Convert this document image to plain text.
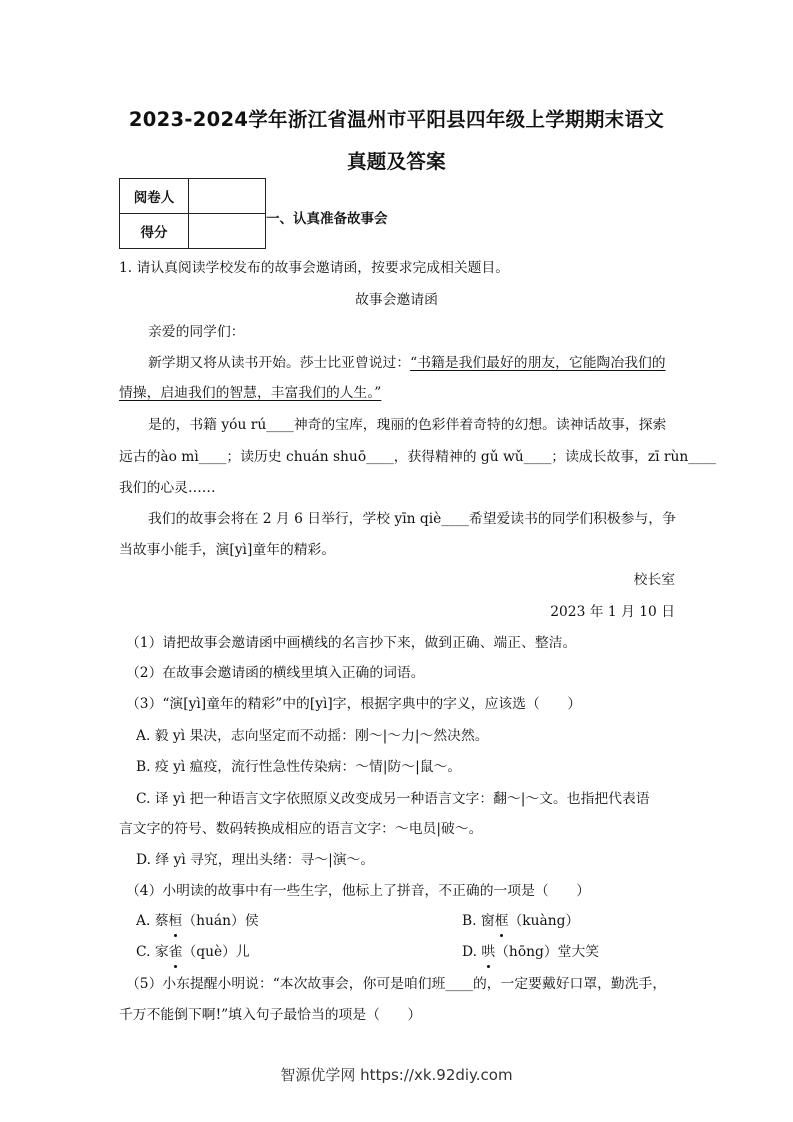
2023-2024学年浙江省温州市平阳县四年级上学期期末语文
真题及答案
阅卷人	
得分	
一、认真准备故事会
1. 请认真阅读学校发布的故事会邀请函，按要求完成相关题目。
故事会邀请函
亲爱的同学们：
新学期又将从读书开始。莎士比亚曾说过：“书籍是我们最好的朋友，它能陶冶我们的
情操，启迪我们的智慧，丰富我们的人生。”
是的，书籍 yóu rú____神奇的宝库，瑰丽的色彩伴着奇特的幻想。读神话故事，探索
远古的ào mì____；读历史 chuán shuō____，获得精神的 gǔ wǔ____；读成长故事，zī rùn____
我们的心灵……
我们的故事会将在 2 月 6 日举行，学校 yīn qiè____希望爱读书的同学们积极参与，争
当故事小能手，演[yì]童年的精彩。
校长室
2023 年 1 月 10 日
（1）请把故事会邀请函中画横线的名言抄下来，做到正确、端正、整洁。
（2）在故事会邀请函的横线里填入正确的词语。
（3）“演[yì]童年的精彩”中的[yì]字，根据字典中的字义，应该选（　　）
A. 毅 yì 果决，志向坚定而不动摇：刚～|～力|～然决然。
B. 疫 yì 瘟疫，流行性急性传染病：～情|防～|鼠～。
C. 译 yì 把一种语言文字依照原义改变成另一种语言文字：翻～|～文。也指把代表语
言文字的符号、数码转换成相应的语言文字：～电员|破～。
D. 绎 yì 寻究，理出头绪：寻～|演～。
（4）小明读的故事中有一些生字，他标上了拼音，不正确的一项是（　　）
A. 蔡桓（huán）侯	B. 窗框（kuàng）
C. 家雀（què）儿	D. 哄（hōng）堂大笑
（5）小东提醒小明说：“本次故事会，你可是咱们班____的，一定要戴好口罩，勤洗手，
千万不能倒下啊!”填入句子最恰当的项是（　　）
智源优学网 https://xk.92diy.com
